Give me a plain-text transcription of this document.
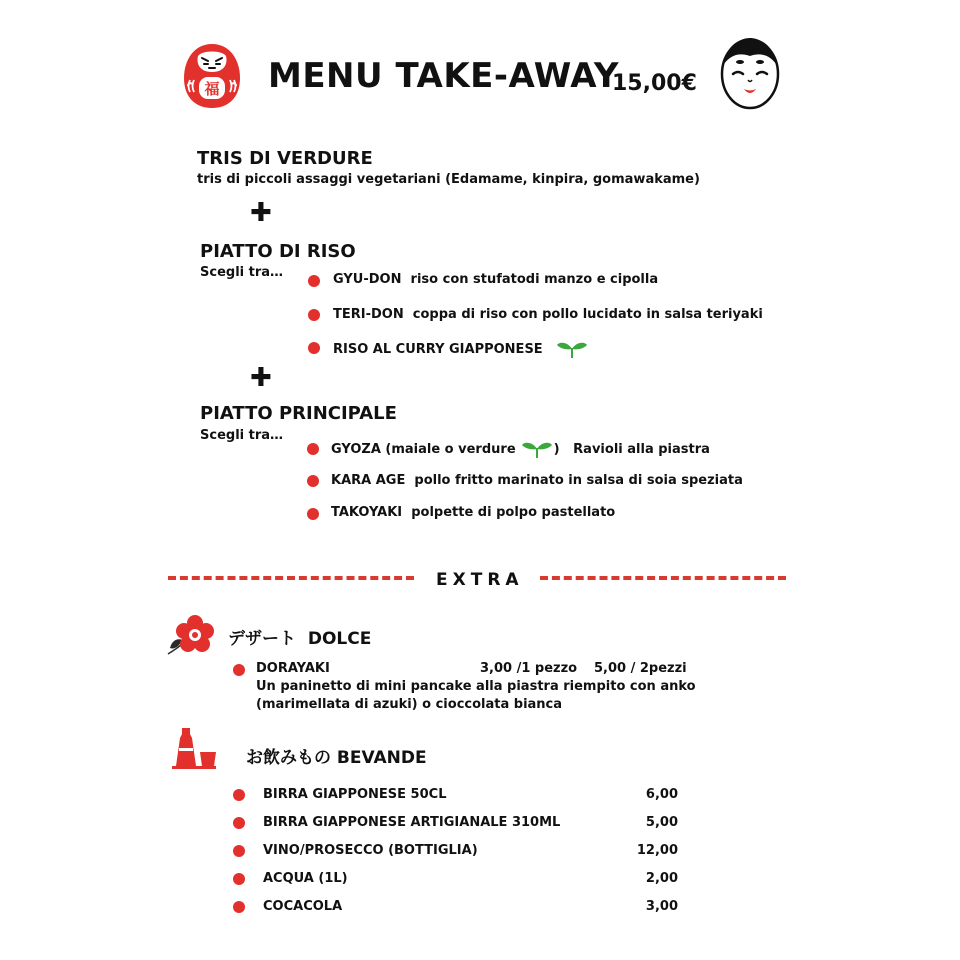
福 MENU TAKE-AWAY
15,00€
TRIS DI VERDURE
tris di piccoli assaggi vegetariani (Edamame, kinpira, gomawakame)
✚
PIATTO DI RISO
Scegli tra…	GYU-DON
riso con stufatodi manzo e cipolla
TERI-DON
coppa di riso con pollo lucidato in salsa teriyaki
RISO AL CURRY GIAPPONESE
✚
PIATTO PRINCIPALE
Scegli tra…
GYOZA (maiale o verdure	)
Ravioli alla piastra
KARA AGE
pollo fritto marinato in salsa di soia speziata
TAKOYAKI
polpette di polpo pastellato
EXTRA
デザート DOLCE
DORAYAKI	3,00 /1 pezzo 5,00 / 2pezzi
Un paninetto di mini pancake alla piastra riempito con anko
(marimellata di azuki) o cioccolata bianca
お飲みもの BEVANDE
BIRRA GIAPPONESE 50CL	6,00
BIRRA GIAPPONESE ARTIGIANALE 310ML	5,00
VINO/PROSECCO (BOTTIGLIA)	12,00
ACQUA (1L)	2,00
COCACOLA	3,00
